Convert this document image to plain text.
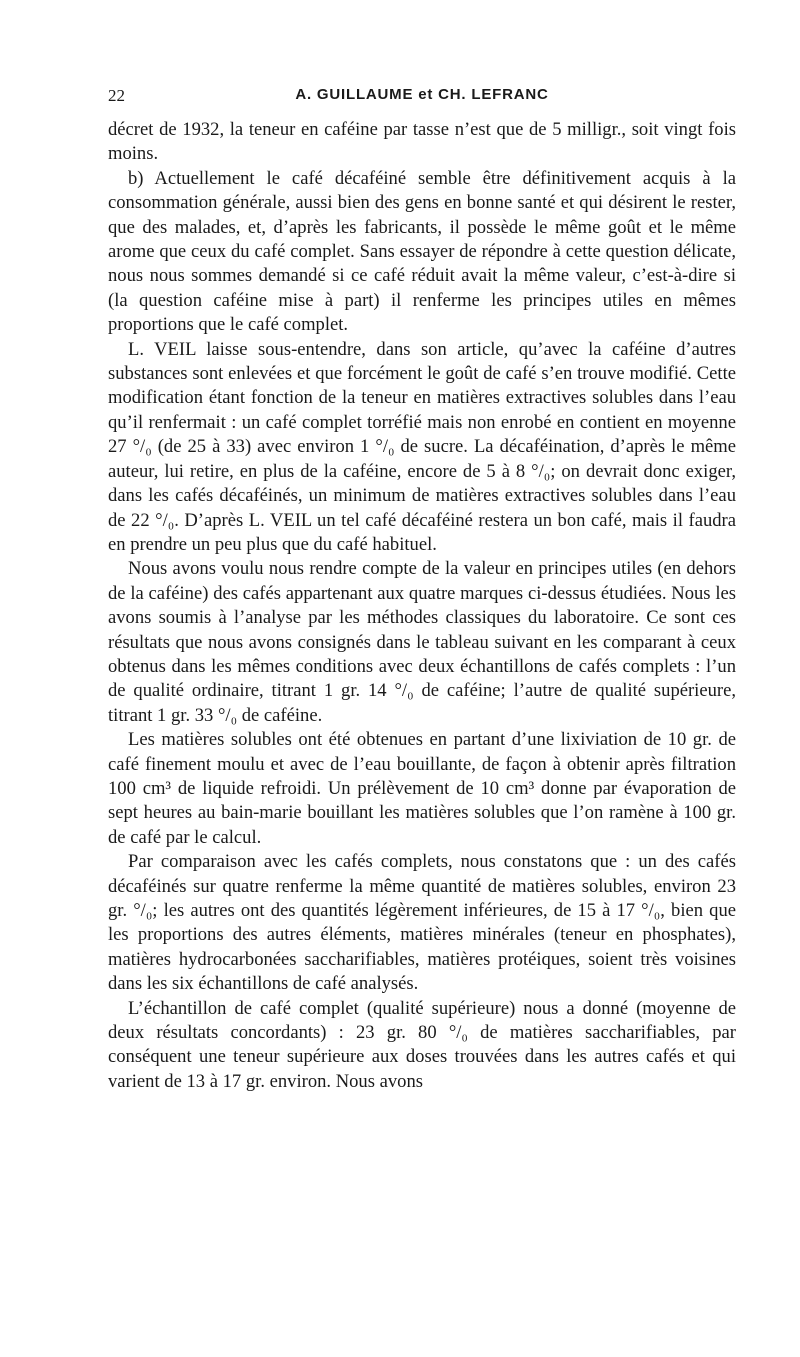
22	A. GUILLAUME et CH. LEFRANC

décret de 1932, la teneur en caféine par tasse n’est que de 5 milligr., soit vingt fois moins.

b) Actuellement le café décaféiné semble être définitivement acquis à la consommation générale, aussi bien des gens en bonne santé et qui désirent le rester, que des malades, et, d’après les fabricants, il possède le même goût et le même arome que ceux du café complet. Sans essayer de répondre à cette question délicate, nous nous sommes demandé si ce café réduit avait la même valeur, c’est-à-dire si (la question caféine mise à part) il renferme les principes utiles en mêmes proportions que le café complet.

L. VEIL laisse sous-entendre, dans son article, qu’avec la caféine d’autres substances sont enlevées et que forcément le goût de café s’en trouve modifié. Cette modification étant fonction de la teneur en matières extractives solubles dans l’eau qu’il renfermait : un café complet torréfié mais non enrobé en contient en moyenne 27 °/₀ (de 25 à 33) avec environ 1 °/₀ de sucre. La décaféination, d’après le même auteur, lui retire, en plus de la caféine, encore de 5 à 8 °/₀; on devrait donc exiger, dans les cafés décaféinés, un minimum de matières extractives solubles dans l’eau de 22 °/₀. D’après L. VEIL un tel café décaféiné restera un bon café, mais il faudra en prendre un peu plus que du café habituel.

Nous avons voulu nous rendre compte de la valeur en principes utiles (en dehors de la caféine) des cafés appartenant aux quatre marques ci-dessus étudiées. Nous les avons soumis à l’analyse par les méthodes classiques du laboratoire. Ce sont ces résultats que nous avons consignés dans le tableau suivant en les comparant à ceux obtenus dans les mêmes conditions avec deux échantillons de cafés complets : l’un de qualité ordinaire, titrant 1 gr. 14 °/₀ de caféine; l’autre de qualité supérieure, titrant 1 gr. 33 °/₀ de caféine.

Les matières solubles ont été obtenues en partant d’une lixiviation de 10 gr. de café finement moulu et avec de l’eau bouillante, de façon à obtenir après filtration 100 cm³ de liquide refroidi. Un prélèvement de 10 cm³ donne par évaporation de sept heures au bain-marie bouillant les matières solubles que l’on ramène à 100 gr. de café par le calcul.

Par comparaison avec les cafés complets, nous constatons que : un des cafés décaféinés sur quatre renferme la même quantité de matières solubles, environ 23 gr. °/₀; les autres ont des quantités légèrement inférieures, de 15 à 17 °/₀, bien que les proportions des autres éléments, matières minérales (teneur en phosphates), matières hydrocarbonées saccharifiables, matières protéiques, soient très voisines dans les six échantillons de café analysés.

L’échantillon de café complet (qualité supérieure) nous a donné (moyenne de deux résultats concordants) : 23 gr. 80 °/₀ de matières saccharifiables, par conséquent une teneur supérieure aux doses trouvées dans les autres cafés et qui varient de 13 à 17 gr. environ. Nous avons
